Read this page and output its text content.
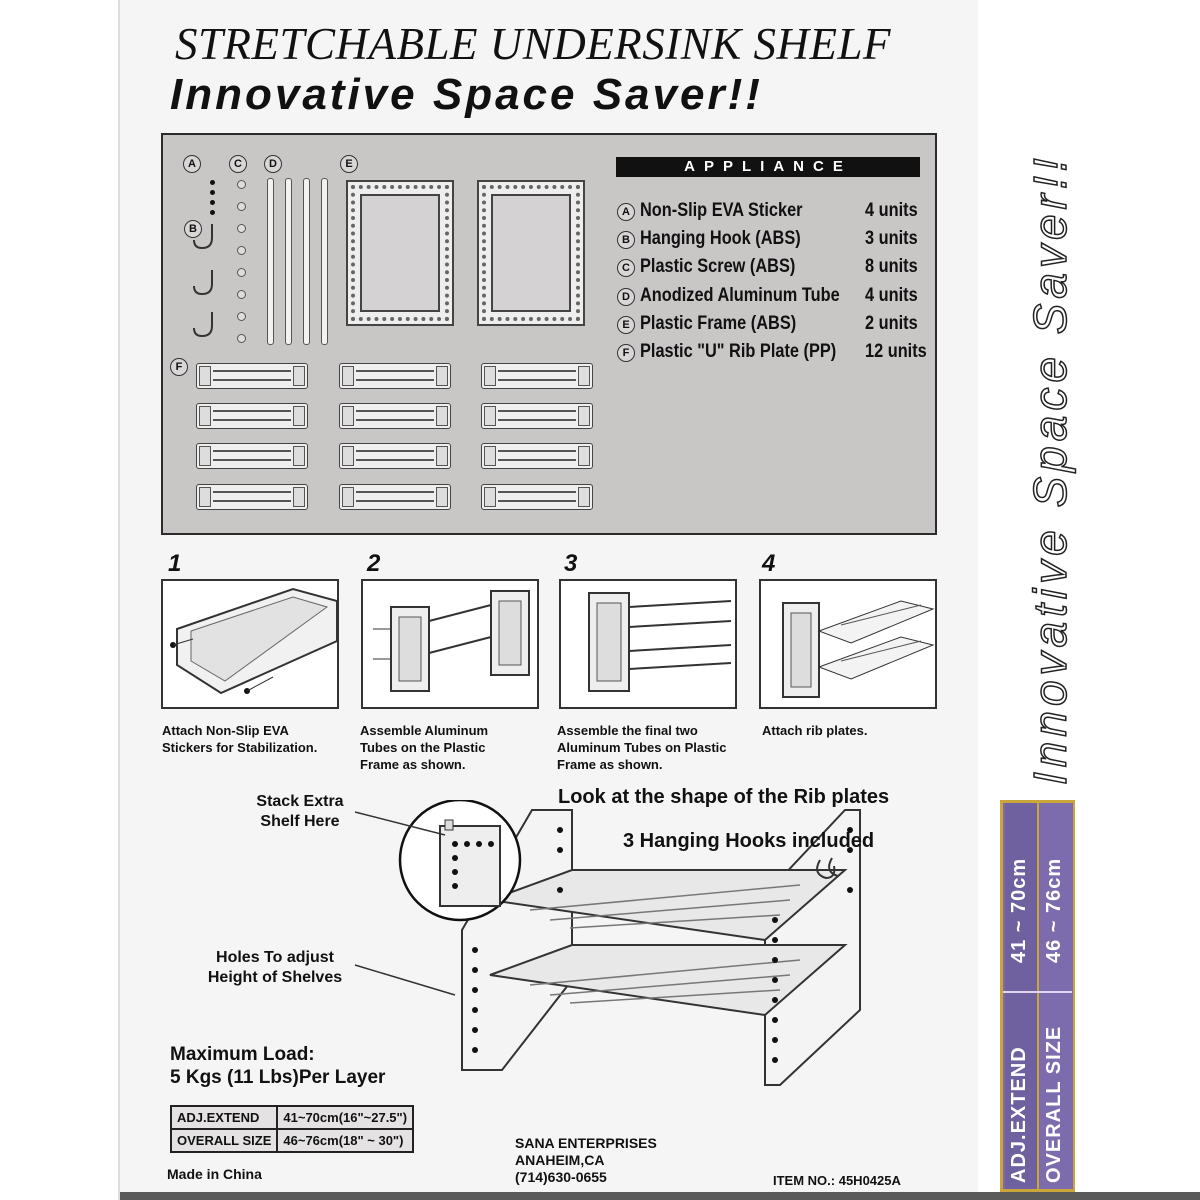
STRETCHABLE UNDERSINK SHELF
Innovative Space Saver!!
A	C	D
B
E
F
APPLIANCE
A Non-Slip EVA Sticker	4 units
B Hanging Hook (ABS)	3 units
C Plastic Screw (ABS)	8 units
D Anodized Aluminum Tube 4 units
E Plastic Frame (ABS)	2 units
F Plastic "U" Rib Plate (PP) 12 units
1	2	3	4
Attach Non-Slip EVA
Stickers for Stabilization.
Assemble Aluminum
Tubes on the Plastic
Frame as shown.
Assemble the final two
Aluminum Tubes on Plastic
Frame as shown.
Attach rib plates.
Stack Extra
Shelf Here
Holes To adjust
Height of Shelves
Look at the shape of the Rib plates
3 Hanging Hooks included
Maximum Load:
5 Kgs (11 Lbs)Per Layer
ADJ.EXTEND	41~70cm(16"~27.5")
OVERALL SIZE	46~76cm(18" ~ 30")
Made in China
SANA ENTERPRISES
ANAHEIM,CA
(714)630-0655	ITEM NO.: 45H0425A
Innovative Space Saver!!
ADJ.EXTEND
41 ~ 70cm
OVERALL SIZE
46 ~ 76cm
